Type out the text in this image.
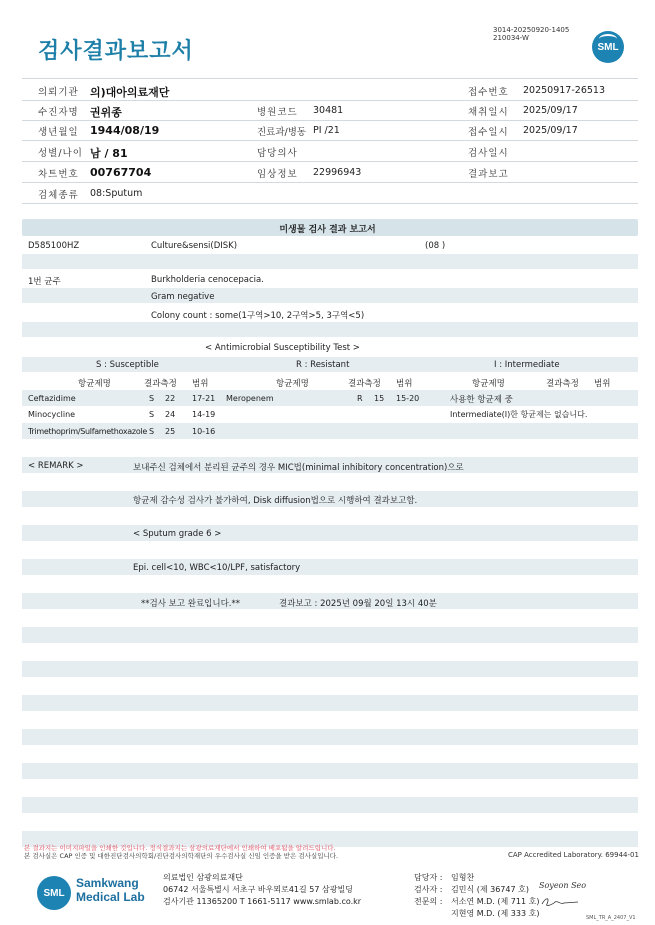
검사결과보고서
3014-20250920-1405
210034-W
SML
의뢰기관 의)대아의료재단	접수번호 20250917-26513
수진자명 권위종	병원코드 30481	채취일시 2025/09/17
생년월일 1944/08/19	진료과/병동 PI /21	접수일시 2025/09/17
성별/나이 남 / 81	담당의사	검사일시
차트번호 00767704	임상정보 22996943	결과보고
검체종류 08:Sputum
미생물 검사 결과 보고서
D585100HZ	Culture&sensi(DISK)	(08 )
1번 균주	Burkholderia cenocepacia.
Gram negative
Colony count : some(1구역>10, 2구역>5, 3구역<5)
< Antimicrobial Susceptibility Test >
S : Susceptible	R : Resistant	I : Intermediate
항균제명	결과측정 범위	항균제명	결과측정 범위	항균제명	결과측정 범위
Ceftazidime	S 22 17-21 Meropenem	R 15 15-20	사용한 항균제 중
Minocycline	S 24 14-19	Intermediate(I)한 항균제는 없습니다.
Trimethoprim/Sulfamethoxazole S 25 10-16
< REMARK >	보내주신 검체에서 분리된 균주의 경우 MIC법(minimal inhibitory concentration)으로
항균제 감수성 검사가 불가하여, Disk diffusion법으로 시행하여 결과보고함.
< Sputum grade 6 >
Epi. cell<10, WBC<10/LPF, satisfactory
**검사 보고 완료입니다.**	결과보고 : 2025년 09월 20일 13시 40분
본 결과지는 이미지파일을 인쇄한 것입니다. 정식결과지는 삼광의료재단에서 인쇄하여 배포됨을 알려드립니다.
본 검사실은 CAP 인증 및 대한진단검사의학회/진단검사의학재단의 우수검사실 신임 인증을 받은 검사실입니다.	CAP Accredited Laboratory. 69944-01
SML
Samkwang
Medical Lab
의료법인 삼광의료재단
06742 서울특별시 서초구 바우뫼로41길 57 삼광빌딩
검사기관 11365200 T 1661-5117 www.smlab.co.kr
담당자 : 임형찬
검사자 : 김민식 (제 36747 호)
전문의 : 서소연 M.D. (제 711 호)
지현영 M.D. (제 333 호)
Soyeon Seo
SML_TR_A_2407_V1
